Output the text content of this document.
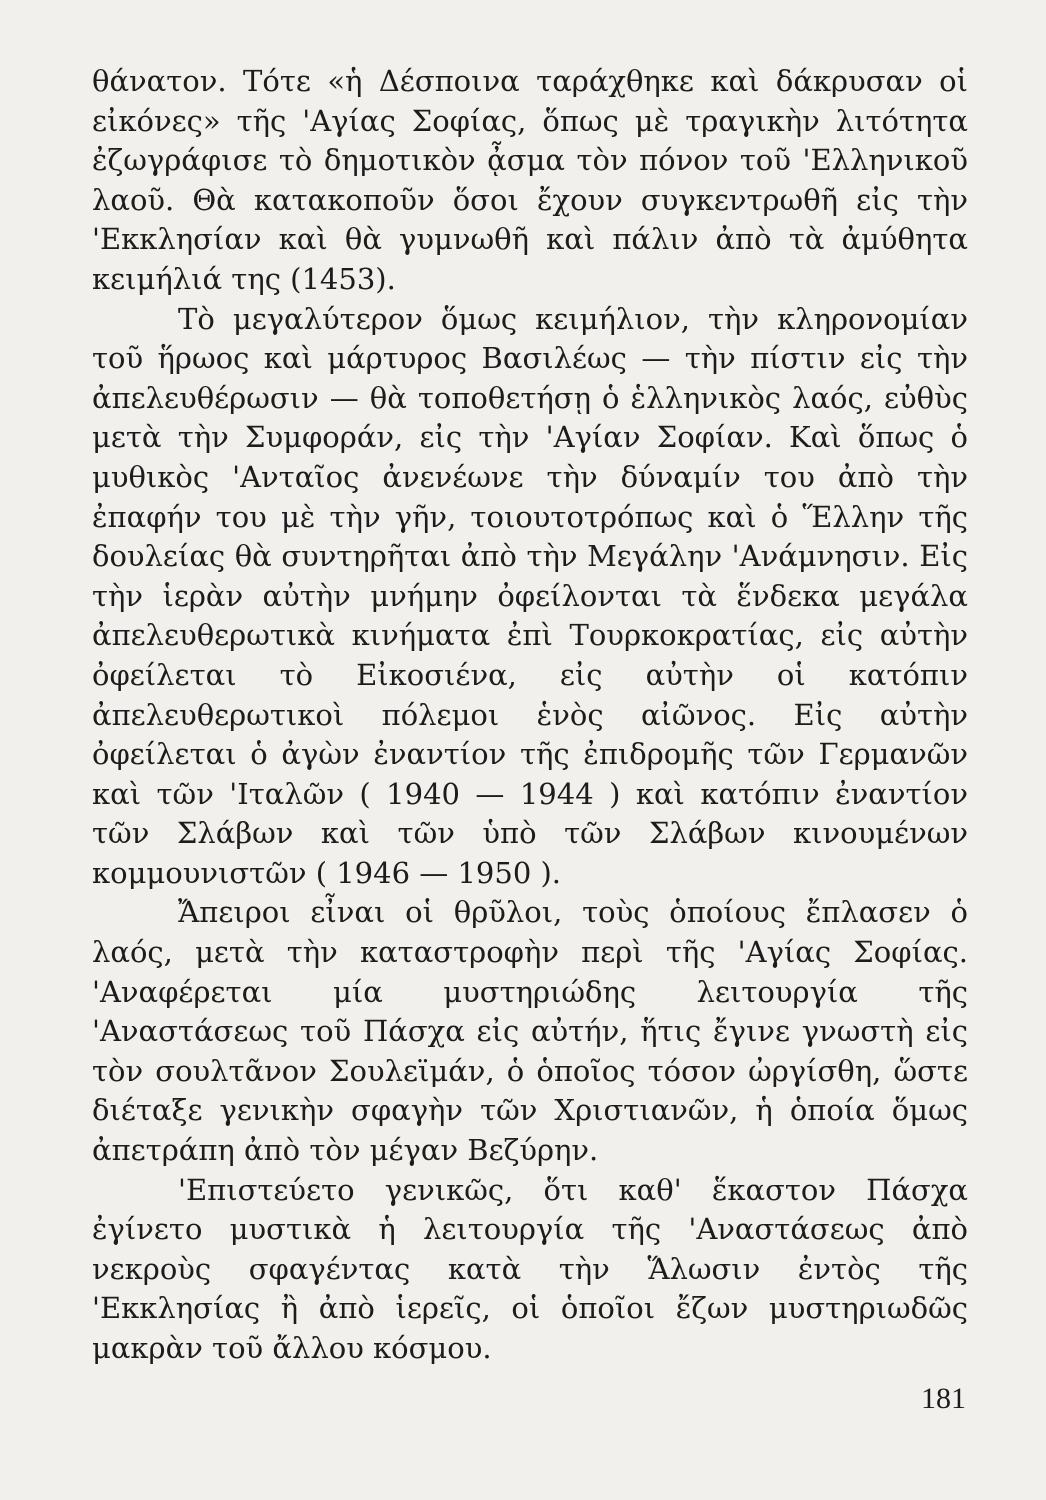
θάνατον. Τότε «ἡ Δέσποινα ταράχθηκε καὶ δάκρυσαν οἱ εἰκόνες» τῆς 'Αγίας Σοφίας, ὅπως μὲ τραγικὴν λιτότητα ἐζωγράφισε τὸ δημοτικὸν ᾆσμα τὸν πόνον τοῦ 'Ελληνικοῦ λαοῦ. Θὰ κατακοποῦν ὅσοι ἔχουν συγκεντρωθῆ εἰς τὴν 'Εκκλησίαν καὶ θὰ γυμνωθῆ καὶ πάλιν ἀπὸ τὰ ἀμύθητα κειμήλιά της (1453).

Τὸ μεγαλύτερον ὅμως κειμήλιον, τὴν κληρονομίαν τοῦ ἥρωος καὶ μάρτυρος Βασιλέως — τὴν πίστιν εἰς τὴν ἀπελευθέρωσιν — θὰ τοποθετήσῃ ὁ ἑλληνικὸς λαός, εὐθὺς μετὰ τὴν Συμφοράν, εἰς τὴν 'Αγίαν Σοφίαν. Καὶ ὅπως ὁ μυθικὸς 'Ανταῖος ἀνενέωνε τὴν δύναμίν του ἀπὸ τὴν ἐπαφήν του μὲ τὴν γῆν, τοιουτοτρόπως καὶ ὁ Ἕλλην τῆς δουλείας θὰ συντηρῆται ἀπὸ τὴν Μεγάλην 'Ανάμνησιν. Εἰς τὴν ἱερὰν αὐτὴν μνήμην ὀφείλονται τὰ ἕνδεκα μεγάλα ἀπελευθερωτικὰ κινήματα ἐπὶ Τουρκοκρατίας, εἰς αὐτὴν ὀφείλεται τὸ Εἰκοσιένα, εἰς αὐτὴν οἱ κατόπιν ἀπελευθερωτικοὶ πόλεμοι ἑνὸς αἰῶνος. Εἰς αὐτὴν ὀφείλεται ὁ ἀγὼν ἐναντίον τῆς ἐπιδρομῆς τῶν Γερμανῶν καὶ τῶν 'Ιταλῶν ( 1940 — 1944 ) καὶ κατόπιν ἐναντίον τῶν Σλάβων καὶ τῶν ὑπὸ τῶν Σλάβων κινουμένων κομμουνιστῶν ( 1946 — 1950 ).

Ἄπειροι εἶναι οἱ θρῦλοι, τοὺς ὁποίους ἔπλασεν ὁ λαός, μετὰ τὴν καταστροφὴν περὶ τῆς 'Αγίας Σοφίας. 'Αναφέρεται μία μυστηριώδης λειτουργία τῆς 'Αναστάσεως τοῦ Πάσχα εἰς αὐτήν, ἥτις ἔγινε γνωστὴ εἰς τὸν σουλτᾶνον Σουλεϊμάν, ὁ ὁποῖος τόσον ὠργίσθη, ὥστε διέταξε γενικὴν σφαγὴν τῶν Χριστιανῶν, ἡ ὁποία ὅμως ἀπετράπη ἀπὸ τὸν μέγαν Βεζύρην.

'Επιστεύετο γενικῶς, ὅτι καθ' ἕκαστον Πάσχα ἐγίνετο μυστικὰ ἡ λειτουργία τῆς 'Αναστάσεως ἀπὸ νεκροὺς σφαγέντας κατὰ τὴν Ἅλωσιν ἐντὸς τῆς 'Εκκλησίας ἢ ἀπὸ ἱερεῖς, οἱ ὁποῖοι ἔζων μυστηριωδῶς μακρὰν τοῦ ἄλλου κόσμου.

181
